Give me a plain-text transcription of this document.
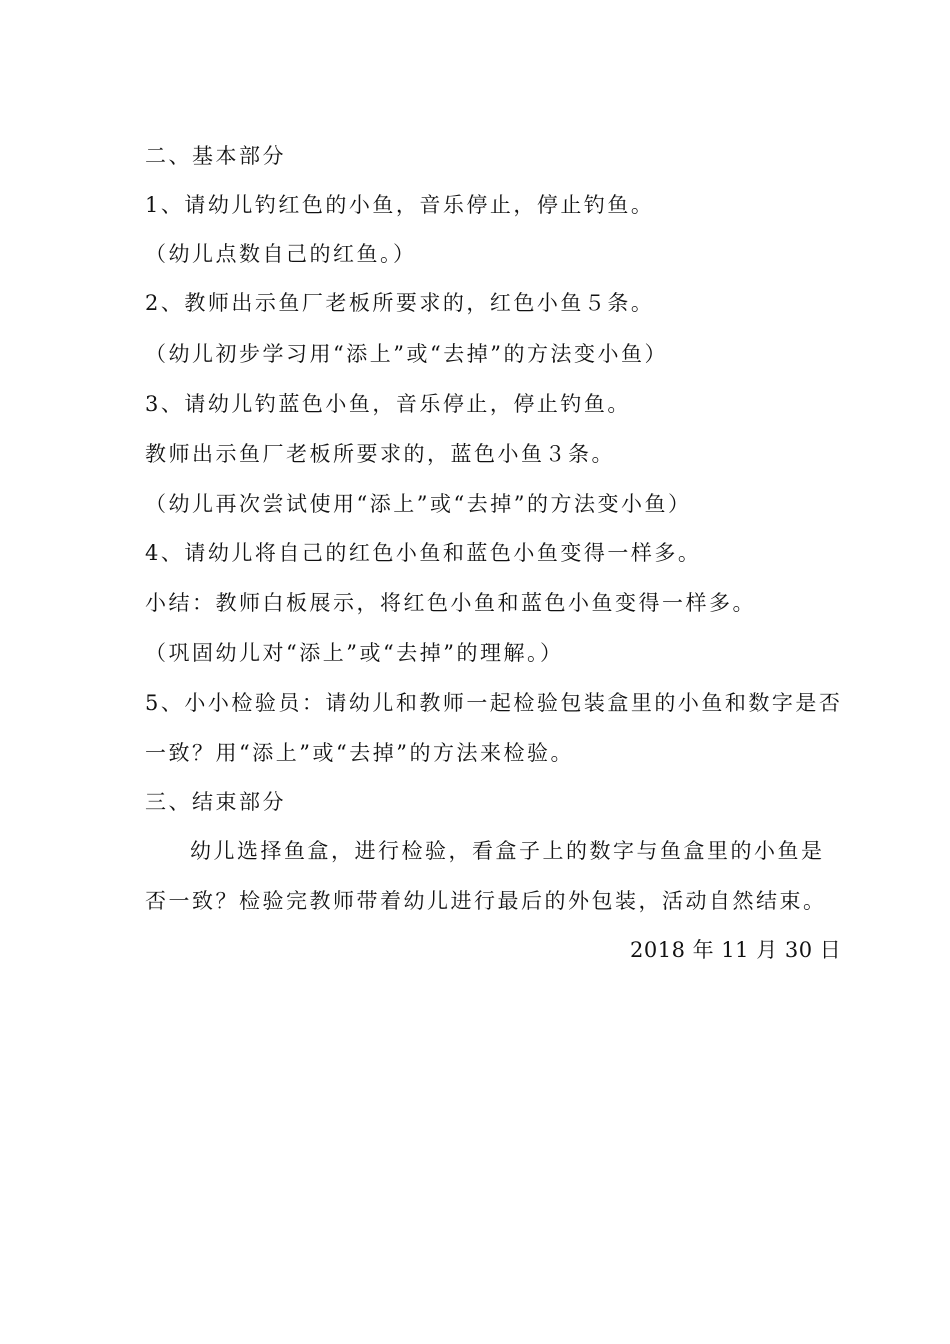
二、基本部分
1、请幼儿钓红色的小鱼，音乐停止，停止钓鱼。
（幼儿点数自己的红鱼。）
2、教师出示鱼厂老板所要求的，红色小鱼５条。
（幼儿初步学习用“添上”或“去掉”的方法变小鱼）
3、请幼儿钓蓝色小鱼，音乐停止，停止钓鱼。
教师出示鱼厂老板所要求的，蓝色小鱼３条。
（幼儿再次尝试使用“添上”或“去掉”的方法变小鱼）
4、请幼儿将自己的红色小鱼和蓝色小鱼变得一样多。
小结：教师白板展示，将红色小鱼和蓝色小鱼变得一样多。
（巩固幼儿对“添上”或“去掉”的理解。）
5、小小检验员：请幼儿和教师一起检验包装盒里的小鱼和数字是否
一致？用“添上”或“去掉”的方法来检验。
三、结束部分
幼儿选择鱼盒，进行检验，看盒子上的数字与鱼盒里的小鱼是
否一致？检验完教师带着幼儿进行最后的外包装，活动自然结束。
2018 年 11 月 30 日
